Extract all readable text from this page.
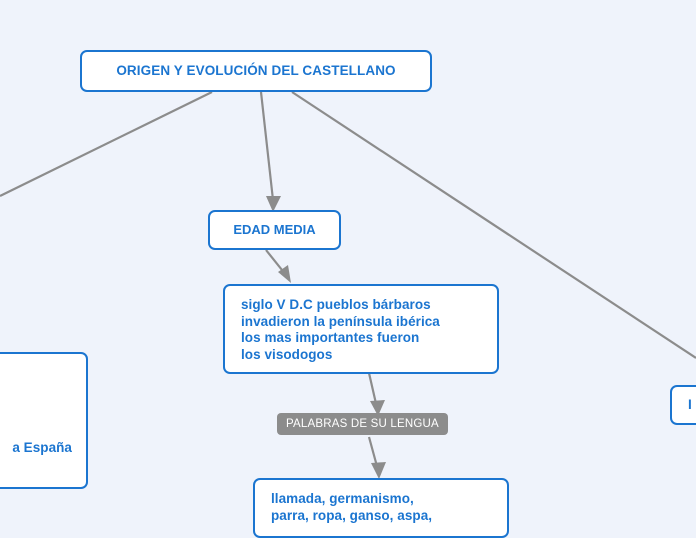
ORIGEN Y EVOLUCIÓN DEL CASTELLANO
EDAD MEDIA
siglo V D.C pueblos bárbaros
invadieron la península ibérica
los mas importantes fueron
los visodogos
PALABRAS DE SU LENGUA
llamada, germanismo,
parra, ropa, ganso, aspa,
a España
I
